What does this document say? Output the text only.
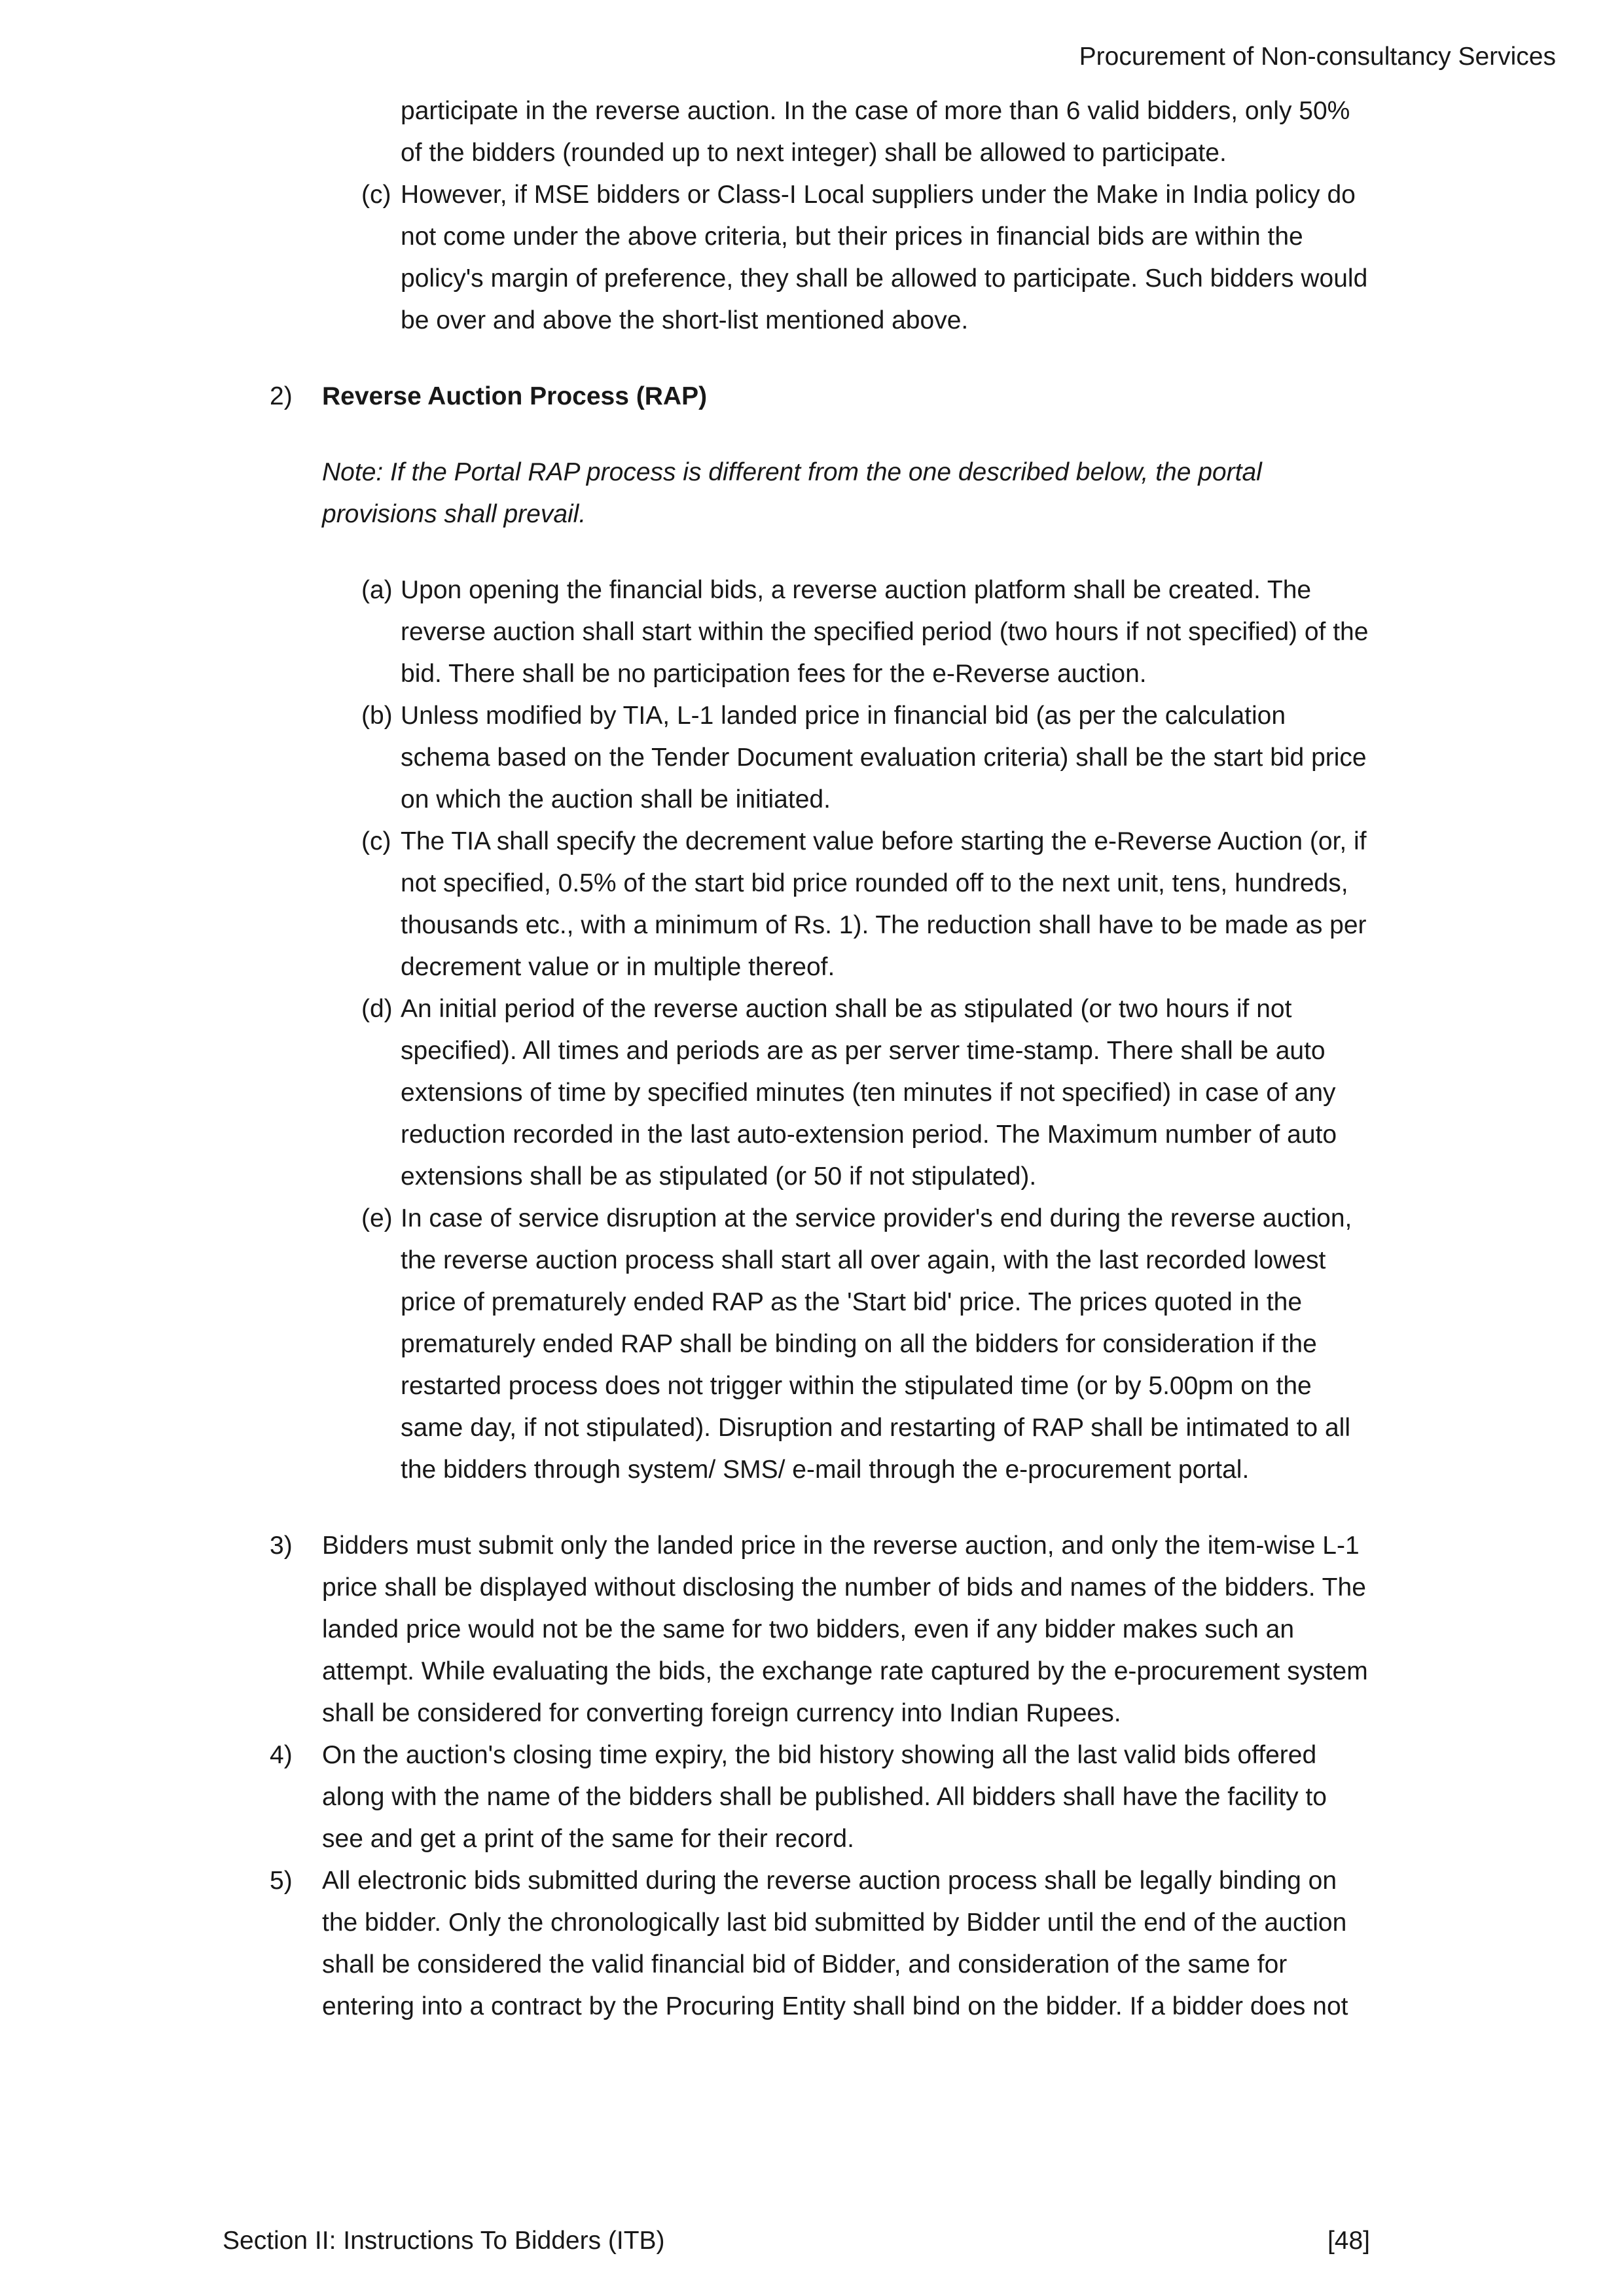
Procurement of Non-consultancy Services
participate in the reverse auction. In the case of more than 6 valid bidders, only 50% of the bidders (rounded up to next integer) shall be allowed to participate.
(c) However, if MSE bidders or Class-I Local suppliers under the Make in India policy do not come under the above criteria, but their prices in financial bids are within the policy's margin of preference, they shall be allowed to participate. Such bidders would be over and above the short-list mentioned above.
2)	Reverse Auction Process (RAP)
Note: If the Portal RAP process is different from the one described below, the portal provisions shall prevail.
(a) Upon opening the financial bids, a reverse auction platform shall be created. The reverse auction shall start within the specified period (two hours if not specified) of the bid. There shall be no participation fees for the e-Reverse auction.
(b) Unless modified by TIA, L-1 landed price in financial bid (as per the calculation schema based on the Tender Document evaluation criteria) shall be the start bid price on which the auction shall be initiated.
(c) The TIA shall specify the decrement value before starting the e-Reverse Auction (or, if not specified, 0.5% of the start bid price rounded off to the next unit, tens, hundreds, thousands etc., with a minimum of Rs. 1). The reduction shall have to be made as per decrement value or in multiple thereof.
(d) An initial period of the reverse auction shall be as stipulated (or two hours if not specified). All times and periods are as per server time-stamp. There shall be auto extensions of time by specified minutes (ten minutes if not specified) in case of any reduction recorded in the last auto-extension period. The Maximum number of auto extensions shall be as stipulated (or 50 if not stipulated).
(e) In case of service disruption at the service provider's end during the reverse auction, the reverse auction process shall start all over again, with the last recorded lowest price of prematurely ended RAP as the 'Start bid' price. The prices quoted in the prematurely ended RAP shall be binding on all the bidders for consideration if the restarted process does not trigger within the stipulated time (or by 5.00pm on the same day, if not stipulated). Disruption and restarting of RAP shall be intimated to all the bidders through system/ SMS/ e-mail through the e-procurement portal.
3)	Bidders must submit only the landed price in the reverse auction, and only the item-wise L-1 price shall be displayed without disclosing the number of bids and names of the bidders. The landed price would not be the same for two bidders, even if any bidder makes such an attempt. While evaluating the bids, the exchange rate captured by the e-procurement system shall be considered for converting foreign currency into Indian Rupees.
4)	On the auction's closing time expiry, the bid history showing all the last valid bids offered along with the name of the bidders shall be published. All bidders shall have the facility to see and get a print of the same for their record.
5)	All electronic bids submitted during the reverse auction process shall be legally binding on the bidder. Only the chronologically last bid submitted by Bidder until the end of the auction shall be considered the valid financial bid of Bidder, and consideration of the same for entering into a contract by the Procuring Entity shall bind on the bidder. If a bidder does not
Section II: Instructions To Bidders (ITB)	[48]
